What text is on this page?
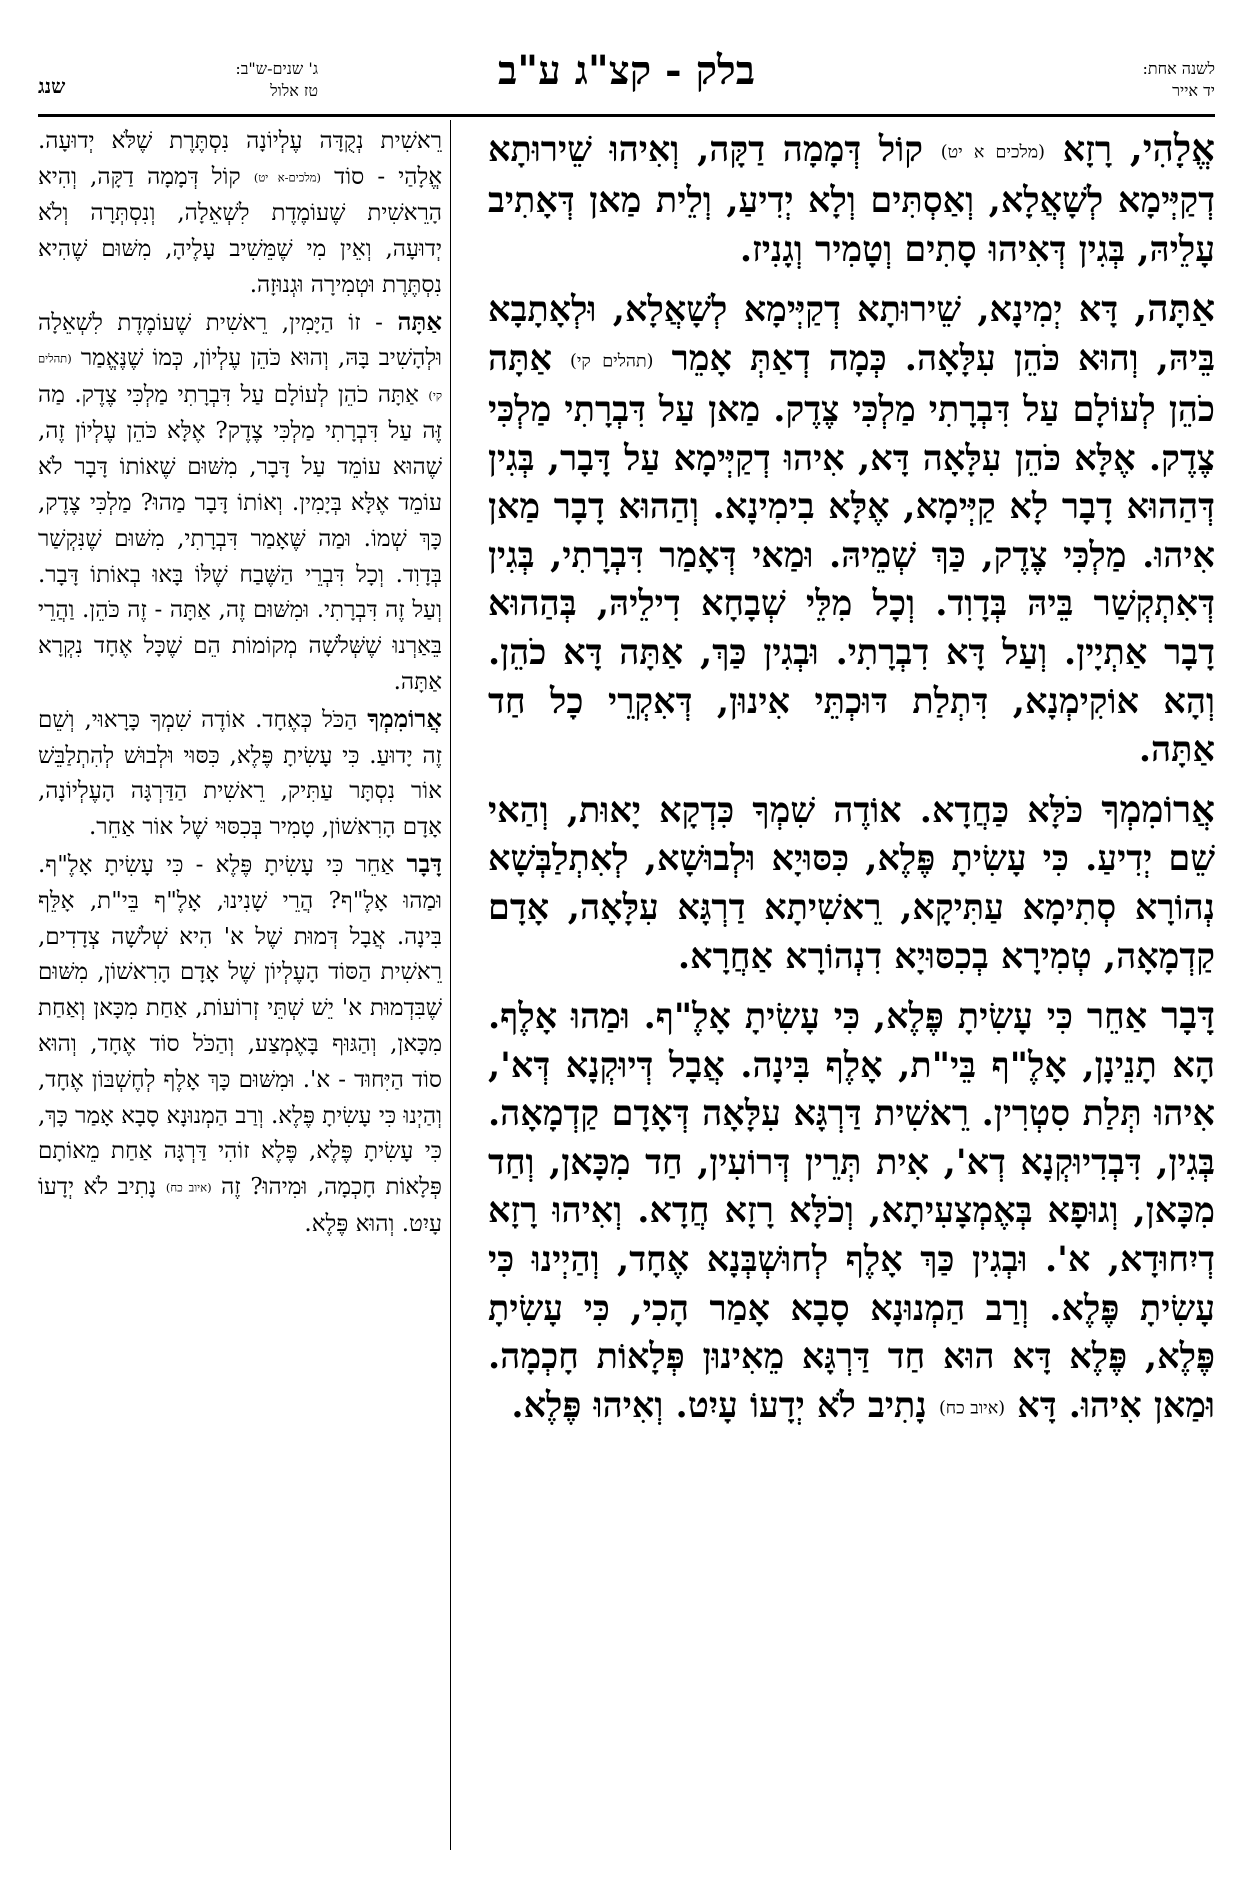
לשנה אחת:
יד אייר
בלק - קצ"ג ע"ב
ג' שנים-ש"ב:
טז אלול
שנג

אֱלָהִי, רָזָא (מלכים א יט) קוֹל דְּמָמָה דַקָּה, וְאִיהוּ שֵׁירוּתָא דְקַיְּימָא לְשָׁאֲלָא, וְאַסְתִּים וְלָא יְדִיעַ, וְלֵית מַאן דְּאָתִיב עָלֵיהּ, בְּגִין דְּאִיהוּ סָתִים וְטָמִיר וְגָנִיז.

אַתָּה, דָּא יְמִינָא, שֵׁירוּתָא דְקַיְּימָא לְשָׁאֲלָא, וּלְאָתָבָא בֵּיהּ, וְהוּא כֹּהֵן עִלָּאָה. כְּמָה דְאַתְּ אָמֵר (תהלים קי) אַתָּה כֹהֵן לְעוֹלָם עַל דִּבְרָתִי מַלְכִּי צֶדֶק. מַאן עַל דִּבְרָתִי מַלְכִּי צֶדֶק. אֶלָּא כֹּהֵן עִלָּאָה דָּא, אִיהוּ דְקַיְּימָא עַל דָּבָר, בְּגִין דְּהַהוּא דָבָר לָא קַיְּימָא, אֶלָּא בִימִינָא. וְהַהוּא דָבָר מַאן אִיהוּ. מַלְכִּי צֶדֶק, כַּךְ שְׁמֵיהּ. וּמַאי דְּאָמַר דִּבְרָתִי, בְּגִין דְּאִתְקְשַׁר בֵּיהּ בְּדָוִד. וְכָל מִלֵּי שְׁבָחָא דִילֵיהּ, בְּהַהוּא דָבָר אַתְיָין. וְעַל דָּא דִבְרָתִי. וּבְגִין כַּךְ, אַתָּה דָּא כֹהֵן. וְהָא אוֹקִימְנָא, דִּתְלַת דּוּכְתֵּי אִינוּן, דְּאִקְרֵי כָל חַד אַתָּה.

אֲרוֹמִמְךָ כֹּלָּא כַּחֲדָא. אוֹדֶה שִׁמְךָ כִּדְקָא יָאוּת, וְהַאי שֵׁם יְדִיעַ. כִּי עָשִׂיתָ פֶּלֶא, כִּסּוּיָא וּלְבוּשָׁא, לְאִתְלַבְּשָׁא נְהוֹרָא סְתִימָא עַתִּיקָא, רֵאשִׁיתָא דַרְגָּא עִלָּאָה, אָדָם קַדְמָאָה, טְמִירָא בְכִסּוּיָא דִנְהוֹרָא אַחֲרָא.

דָּבָר אַחֵר כִּי עָשִׂיתָ פֶּלֶא, כִּי עָשִׂיתָ אָלֶ"ף. וּמַהוּ אָלֶף. הָא תָנֵינָן, אָלֶ"ף בֵּי"ת, אָלֶף בִּינָה. אֲבָל דְּיוּקְנָא דְּא', אִיהוּ תְּלַת סִטְרִין. רֵאשִׁית דַּרְגָּא עִלָּאָה דְּאָדָם קַדְמָאָה. בְּגִין, דִּבְדִיוּקְנָא דְא', אִית תְּרֵין דְּרוֹעִין, חַד מִכָּאן, וְחַד מִכָּאן, וְגוּפָא בְּאֶמְצָעִיתָא, וְכֹלָּא רָזָא חֲדָא. וְאִיהוּ רָזָא דְיִחוּדָא, א'. וּבְגִין כַּךְ אָלֶף לְחוּשְׁבְּנָא אֶחָד, וְהַיְינוּ כִּי עָשִׂיתָ פֶּלֶא. וְרַב הַמְנוּנָא סָבָא אָמַר הָכִי, כִּי עָשִׂיתָ פֶּלֶא, פֶּלֶא דָּא הוּא חַד דַּרְגָּא מֵאִינוּן פְּלָאוֹת חָכְמָה. וּמַאן אִיהוּ. דָּא (איוב כח) נָתִיב לֹא יְדָעוֹ עָיִט. וְאִיהוּ פֶּלֶא.

רֵאשִׁית נְקֻדָּה עֶלְיוֹנָה נִסְתֶּרֶת שֶׁלֹּא יְדוּעָה. אֱלָהַי - סוֹד (מלכים-א יט) קוֹל דְּמָמָה דַקָּה, וְהִיא הָרֵאשִׁית שֶׁעוֹמֶדֶת לִשְׁאֵלָה, וְנִסְתְּרָה וְלֹא יְדוּעָה, וְאֵין מִי שֶׁמֵּשִׁיב עָלֶיהָ, מִשּׁוּם שֶׁהִיא נִסְתֶּרֶת וּטְמִירָה וּגְנוּזָה.

אַתָּה - זוֹ הַיָּמִין, רֵאשִׁית שֶׁעוֹמֶדֶת לִשְׁאֵלָה וּלְהָשִׁיב בָּהּ, וְהוּא כֹּהֵן עֶלְיוֹן, כְּמוֹ שֶׁנֶּאֱמַר (תהלים קי) אַתָּה כֹהֵן לְעוֹלָם עַל דִּבְרָתִי מַלְכִּי צֶדֶק. מַה זֶּה עַל דִּבְרָתִי מַלְכִּי צֶדֶק? אֶלָּא כֹּהֵן עֶלְיוֹן זֶה, שֶׁהוּא עוֹמֵד עַל דָּבָר, מִשּׁוּם שֶׁאוֹתוֹ דָּבָר לֹא עוֹמֵד אֶלָּא בְּיָמִין. וְאוֹתוֹ דָּבָר מַהוּ? מַלְכִּי צֶדֶק, כָּךְ שְׁמוֹ. וּמַה שֶּׁאָמַר דִּבְרָתִי, מִשּׁוּם שֶׁנִּקְשַׁר בְּדָוִד. וְכָל דִּבְרֵי הַשֶּׁבַח שֶׁלּוֹ בָּאוּ בְאוֹתוֹ דָּבָר. וְעַל זֶה דִּבְרָתִי. וּמִשּׁוּם זֶה, אַתָּה - זֶה כֹּהֵן. וַהֲרֵי בֵּאַרְנוּ שֶׁשְּׁלֹשָׁה מְקוֹמוֹת הֵם שֶׁכָּל אֶחָד נִקְרָא אַתָּה.

אֲרוֹמִמְךָ הַכֹּל כְּאֶחָד. אוֹדֶה שִׁמְךָ כָּרָאוּי, וְשֵׁם זֶה יָדוּעַ. כִּי עָשִׂיתָ פֶּלֶא, כִּסּוּי וּלְבוּשׁ לְהִתְלַבֵּשׁ אוֹר נִסְתָּר עַתִּיק, רֵאשִׁית הַדַּרְגָּה הָעֶלְיוֹנָה, אָדָם הָרִאשׁוֹן, טָמִיר בְּכִסּוּי שֶׁל אוֹר אַחֵר.

דָּבָר אַחֵר כִּי עָשִׂיתָ פֶּלֶא - כִּי עָשִׂיתָ אָלֶ"ף. וּמַהוּ אָלֶ"ף? הֲרֵי שָׁנִינוּ, אָלֶ"ף בֵּי"ת, אָלֵּף בִּינָה. אֲבָל דְּמוּת שֶׁל א' הִיא שְׁלֹשָׁה צְדָדִים, רֵאשִׁית הַסּוֹד הָעֶלְיוֹן שֶׁל אָדָם הָרִאשׁוֹן, מִשּׁוּם שֶׁבִּדְמוּת א' יֵשׁ שְׁתֵּי זְרוֹעוֹת, אַחַת מִכָּאן וְאַחַת מִכָּאן, וְהַגּוּף בָּאֶמְצַע, וְהַכֹּל סוֹד אֶחָד, וְהוּא סוֹד הַיִּחוּד - א'. וּמִשּׁוּם כָּךְ אָלֶף לְחֶשְׁבּוֹן אֶחָד, וְהַיְנוּ כִּי עָשִׂיתָ פֶּלֶא. וְרַב הַמְנוּנָא סָבָא אָמַר כָּךְ, כִּי עָשִׂיתָ פֶּלֶא, פֶּלֶא זוֹהִי דַּרְגָּה אַחַת מֵאוֹתָם פְּלָאוֹת חָכְמָה, וּמִיהוּ? זֶה (איוב כח) נָתִיב לֹא יְדָעוֹ עָיִט. וְהוּא פֶּלֶא.
